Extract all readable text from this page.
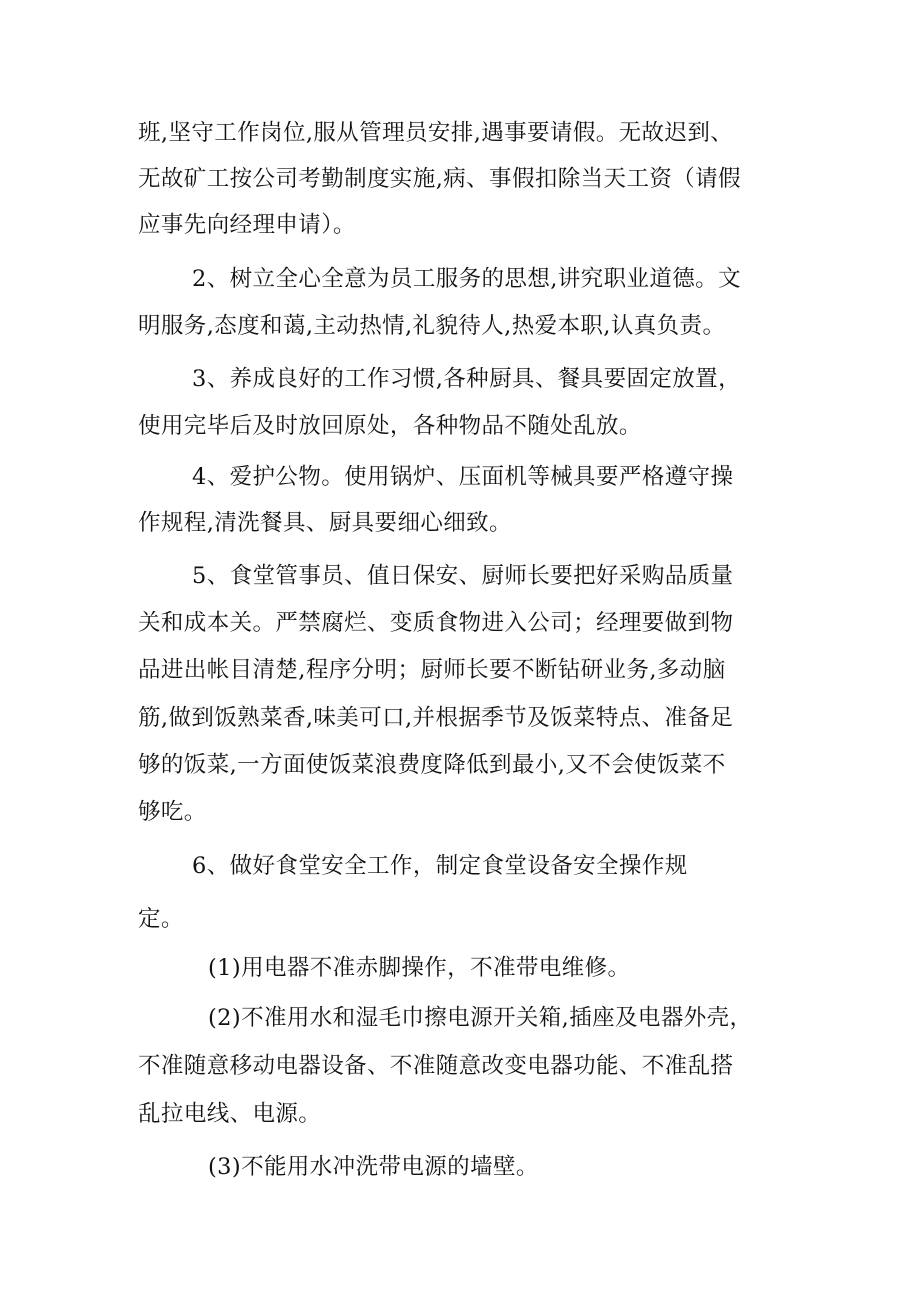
班,坚守工作岗位,服从管理员安排,遇事要请假。无故迟到、
无故矿工按公司考勤制度实施,病、事假扣除当天工资（请假
应事先向经理申请）。
2、树立全心全意为员工服务的思想,讲究职业道德。文
明服务,态度和蔼,主动热情,礼貌待人,热爱本职,认真负责。
3、养成良好的工作习惯,各种厨具、餐具要固定放置，
使用完毕后及时放回原处，各种物品不随处乱放。
4、爱护公物。使用锅炉、压面机等械具要严格遵守操
作规程,清洗餐具、厨具要细心细致。
5、食堂管事员、值日保安、厨师长要把好采购品质量
关和成本关。严禁腐烂、变质食物进入公司；经理要做到物
品进出帐目清楚,程序分明；厨师长要不断钻研业务,多动脑
筋,做到饭熟菜香,味美可口,并根据季节及饭菜特点、准备足
够的饭菜,一方面使饭菜浪费度降低到最小,又不会使饭菜不
够吃。
6、做好食堂安全工作，制定食堂设备安全操作规
定。
(1)用电器不准赤脚操作，不准带电维修。
(2)不准用水和湿毛巾擦电源开关箱,插座及电器外壳，
不准随意移动电器设备、不准随意改变电器功能、不准乱搭
乱拉电线、电源。
(3)不能用水冲洗带电源的墙壁。
